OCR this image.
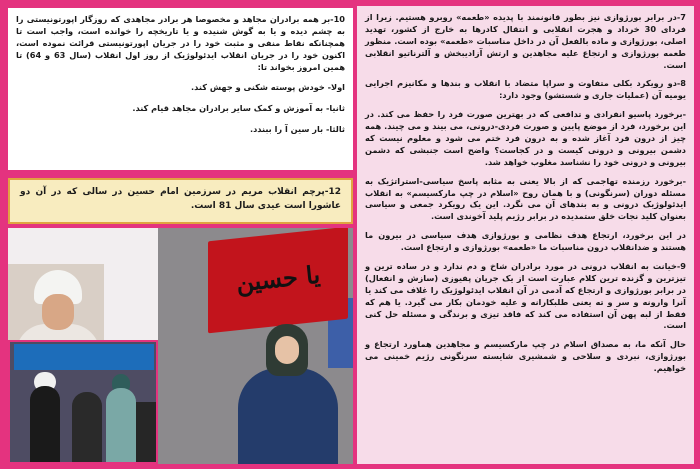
7-در برابر بورژوازی نیز بطور قانونمند با پدیده «طعمه» روبرو هستیم. زیرا از فردای 30 خرداد و هجرت انقلابی و انتقال کادرها به خارج از کشور، تهدید اصلی، بورژوازی و ماده بالفعل آن در داخل مناسبات «طعمه» بوده است. منظور طعمه بورژوازی و ارتجاع علیه مجاهدین و ارتش آزادیبخش و آلترناتیو انقلابی است.

8-دو رویکرد بکلی متفاوت و سراپا متضاد با انقلاب و بندها و مکانیزم اجرایی یومیه آن (عملیات جاری و شستشو) وجود دارد:

-برخورد پاسیو انفرادی و تدافعی که در بهترین صورت فرد را حفظ می کند. در این برخورد، فرد از موضع پایین و صورت فردی-درونی، می بیند و می چیند. همه چیز از درون فرد آغاز شده و به درون فرد ختم می شود و معلوم نیست که دشمن بیرونی و درونی کیست و در کجاست؟ واضح است جنبشی که دشمن بیرونی و درونی خود را نشناسد مغلوب خواهد شد.

-برخورد رزمنده تهاجمی که از بالا یعنی به مثابه پاسخ سیاسی-استراتژیک به مسئله دوران (سرنگونی) و با همان روح «اسلام در چپ مارکسیسم» به انقلاب ایدئولوژیک درونی و به بندهای آن می نگرد. این یک رویکرد جمعی و سیاسی بعنوان کلید نجات خلق ستمدیده در برابر رژیم پلید آخوندی است.

در این برخورد، ارتجاع هدف نظامی و بورژوازی هدف سیاسی در بیرون ما هستند و ضدانقلاب درون مناسبات ما «طعمه» بورژوازی و ارتجاع است.

9-خیانت به انقلاب درونی در مورد برادران شاخ و دم ندارد و در ساده ترین و تیزترین و گزنده ترین کلام عبارت است از یک جریان پفیوزی (سازش و انفعال) در برابر بورژوازی و ارتجاع که آدمی در آن انقلاب ایدئولوژیک را غلاف می کند یا آنرا وارونه و سر و ته یعنی طلبکارانه و علیه خودمان بکار می گیرد. یا هم که فقط از لبه پهن آن استفاده می کند که فاقد تیزی و برندگی و مسئله حل کنی است.

حال آنکه ما، به مصداق اسلام در چپ مارکسیسم و مجاهدین هماورد ارتجاع و بورژوازی، نبردی و سلاحی و شمشیری شایسته سرنگونی رژیم خمینی می خواهیم.

10-بر همه برادران مجاهد و مخصوصا هر برادر مجاهدی که روزگار اپورتونیستی را به چشم دیده و یا به گوش شنیده و یا تاریخچه را خوانده است، واجب است تا همچنانکه نقاط منفی و مثبت خود را در جریان اپورتونیستی قرائت نموده است، اکنون خود را در جریان انقلاب ایدئولوژیک از روز اول انقلاب (سال 63 و 64) تا همین امروز بخواند تا:

اولا- خودش پوسته شکنی و جهش کند.

ثانیا- به آموزش و کمک سایر برادران مجاهد قیام کند.

ثالثا- بار سین آ را ببندد.

12-پرچم انقلاب مریم در سرزمین امام حسین در سالی که در آن دو عاشورا است عیدی سال 81 است.
یا حسین
